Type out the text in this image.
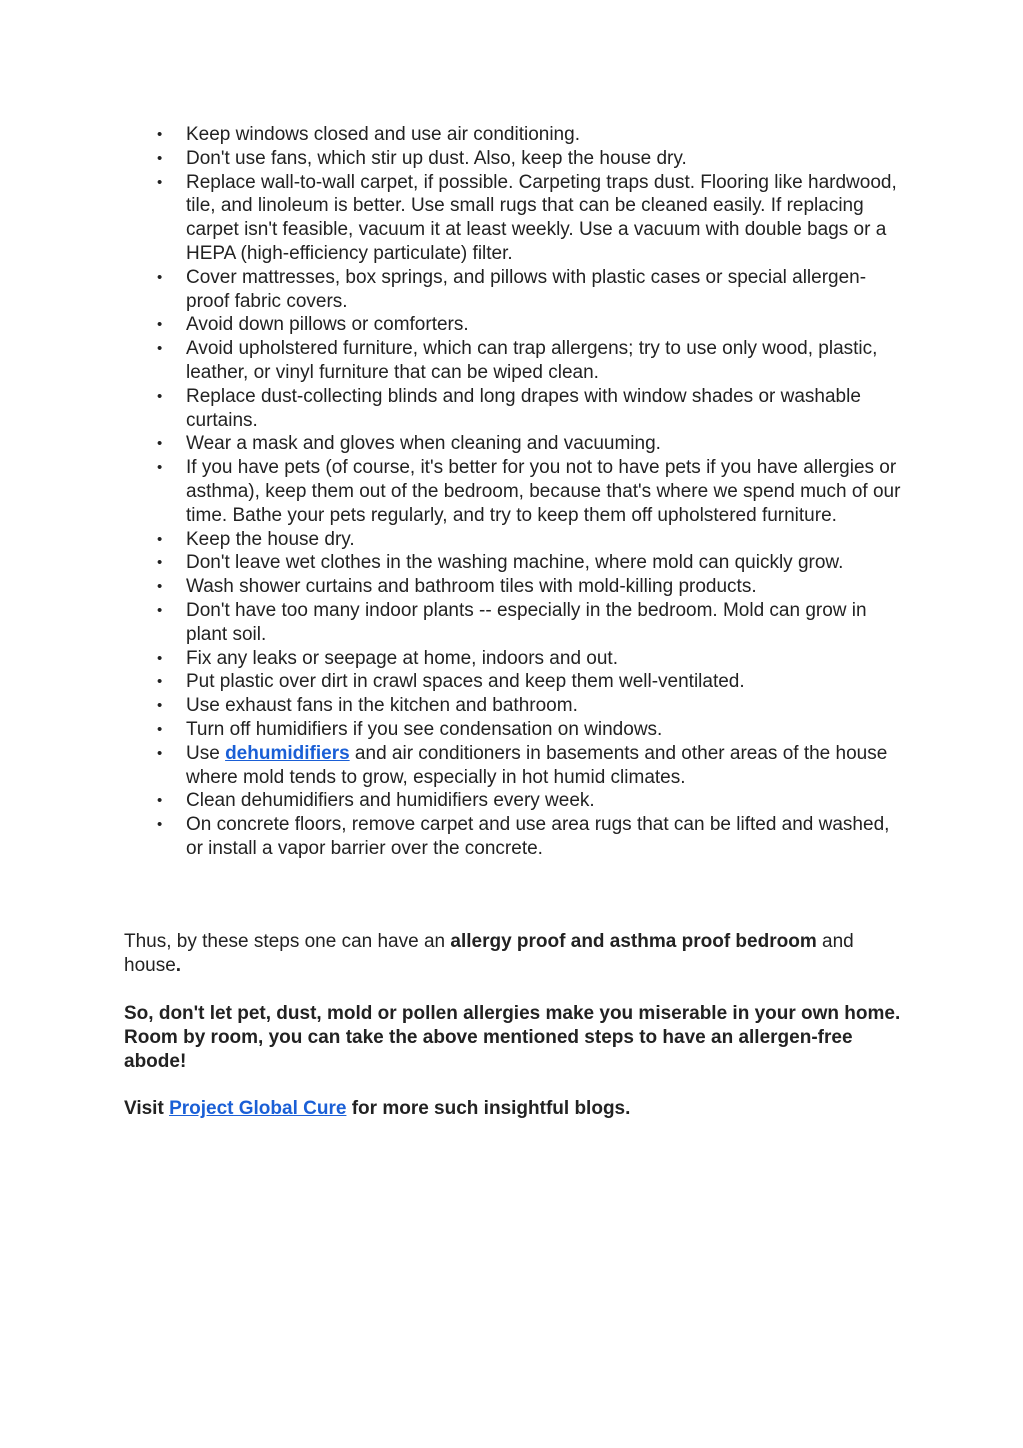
• Keep windows closed and use air conditioning.
• Don't use fans, which stir up dust. Also, keep the house dry.
• Replace wall-to-wall carpet, if possible. Carpeting traps dust. Flooring like hardwood, tile, and linoleum is better. Use small rugs that can be cleaned easily. If replacing carpet isn't feasible, vacuum it at least weekly. Use a vacuum with double bags or a HEPA (high-efficiency particulate) filter.
• Cover mattresses, box springs, and pillows with plastic cases or special allergen-proof fabric covers.
• Avoid down pillows or comforters.
• Avoid upholstered furniture, which can trap allergens; try to use only wood, plastic, leather, or vinyl furniture that can be wiped clean.
• Replace dust-collecting blinds and long drapes with window shades or washable curtains.
• Wear a mask and gloves when cleaning and vacuuming.
• If you have pets (of course, it's better for you not to have pets if you have allergies or asthma), keep them out of the bedroom, because that's where we spend much of our time. Bathe your pets regularly, and try to keep them off upholstered furniture.
• Keep the house dry.
• Don't leave wet clothes in the washing machine, where mold can quickly grow.
• Wash shower curtains and bathroom tiles with mold-killing products.
• Don't have too many indoor plants -- especially in the bedroom. Mold can grow in plant soil.
• Fix any leaks or seepage at home, indoors and out.
• Put plastic over dirt in crawl spaces and keep them well-ventilated.
• Use exhaust fans in the kitchen and bathroom.
• Turn off humidifiers if you see condensation on windows.
• Use dehumidifiers and air conditioners in basements and other areas of the house where mold tends to grow, especially in hot humid climates.
• Clean dehumidifiers and humidifiers every week.
• On concrete floors, remove carpet and use area rugs that can be lifted and washed, or install a vapor barrier over the concrete.

Thus, by these steps one can have an allergy proof and asthma proof bedroom and house.

So, don't let pet, dust, mold or pollen allergies make you miserable in your own home. Room by room, you can take the above mentioned steps to have an allergen-free abode!

Visit Project Global Cure for more such insightful blogs.
